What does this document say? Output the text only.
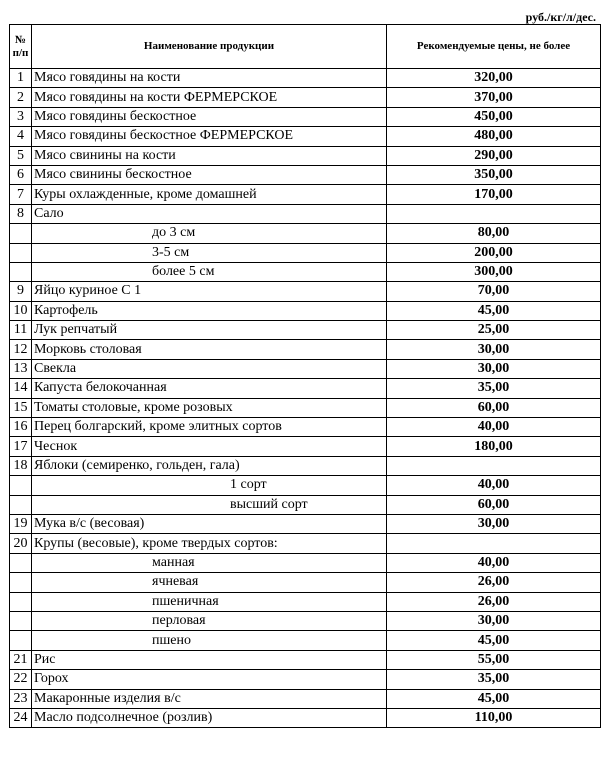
руб./кг/л/дес.
№ п/п	Наименование продукции	Рекомендуемые цены, не более
1	Мясо говядины на кости	320,00
2	Мясо говядины на кости ФЕРМЕРСКОЕ	370,00
3	Мясо говядины бескостное	450,00
4	Мясо говядины бескостное ФЕРМЕРСКОЕ	480,00
5	Мясо свинины на кости	290,00
6	Мясо свинины бескостное	350,00
7	Куры охлажденные, кроме домашней	170,00
8	Сало	
	до 3 см	80,00
	3-5 см	200,00
	более 5 см	300,00
9	Яйцо куриное С 1	70,00
10	Картофель	45,00
11	Лук репчатый	25,00
12	Морковь столовая	30,00
13	Свекла	30,00
14	Капуста белокочанная	35,00
15	Томаты столовые, кроме розовых	60,00
16	Перец болгарский, кроме элитных сортов	40,00
17	Чеснок	180,00
18	Яблоки (семиренко, гольден, гала)	
	1 сорт	40,00
	высший сорт	60,00
19	Мука в/с (весовая)	30,00
20	Крупы (весовые), кроме твердых сортов:	
	манная	40,00
	ячневая	26,00
	пшеничная	26,00
	перловая	30,00
	пшено	45,00
21	Рис	55,00
22	Горох	35,00
23	Макаронные изделия в/с	45,00
24	Масло подсолнечное (розлив)	110,00
